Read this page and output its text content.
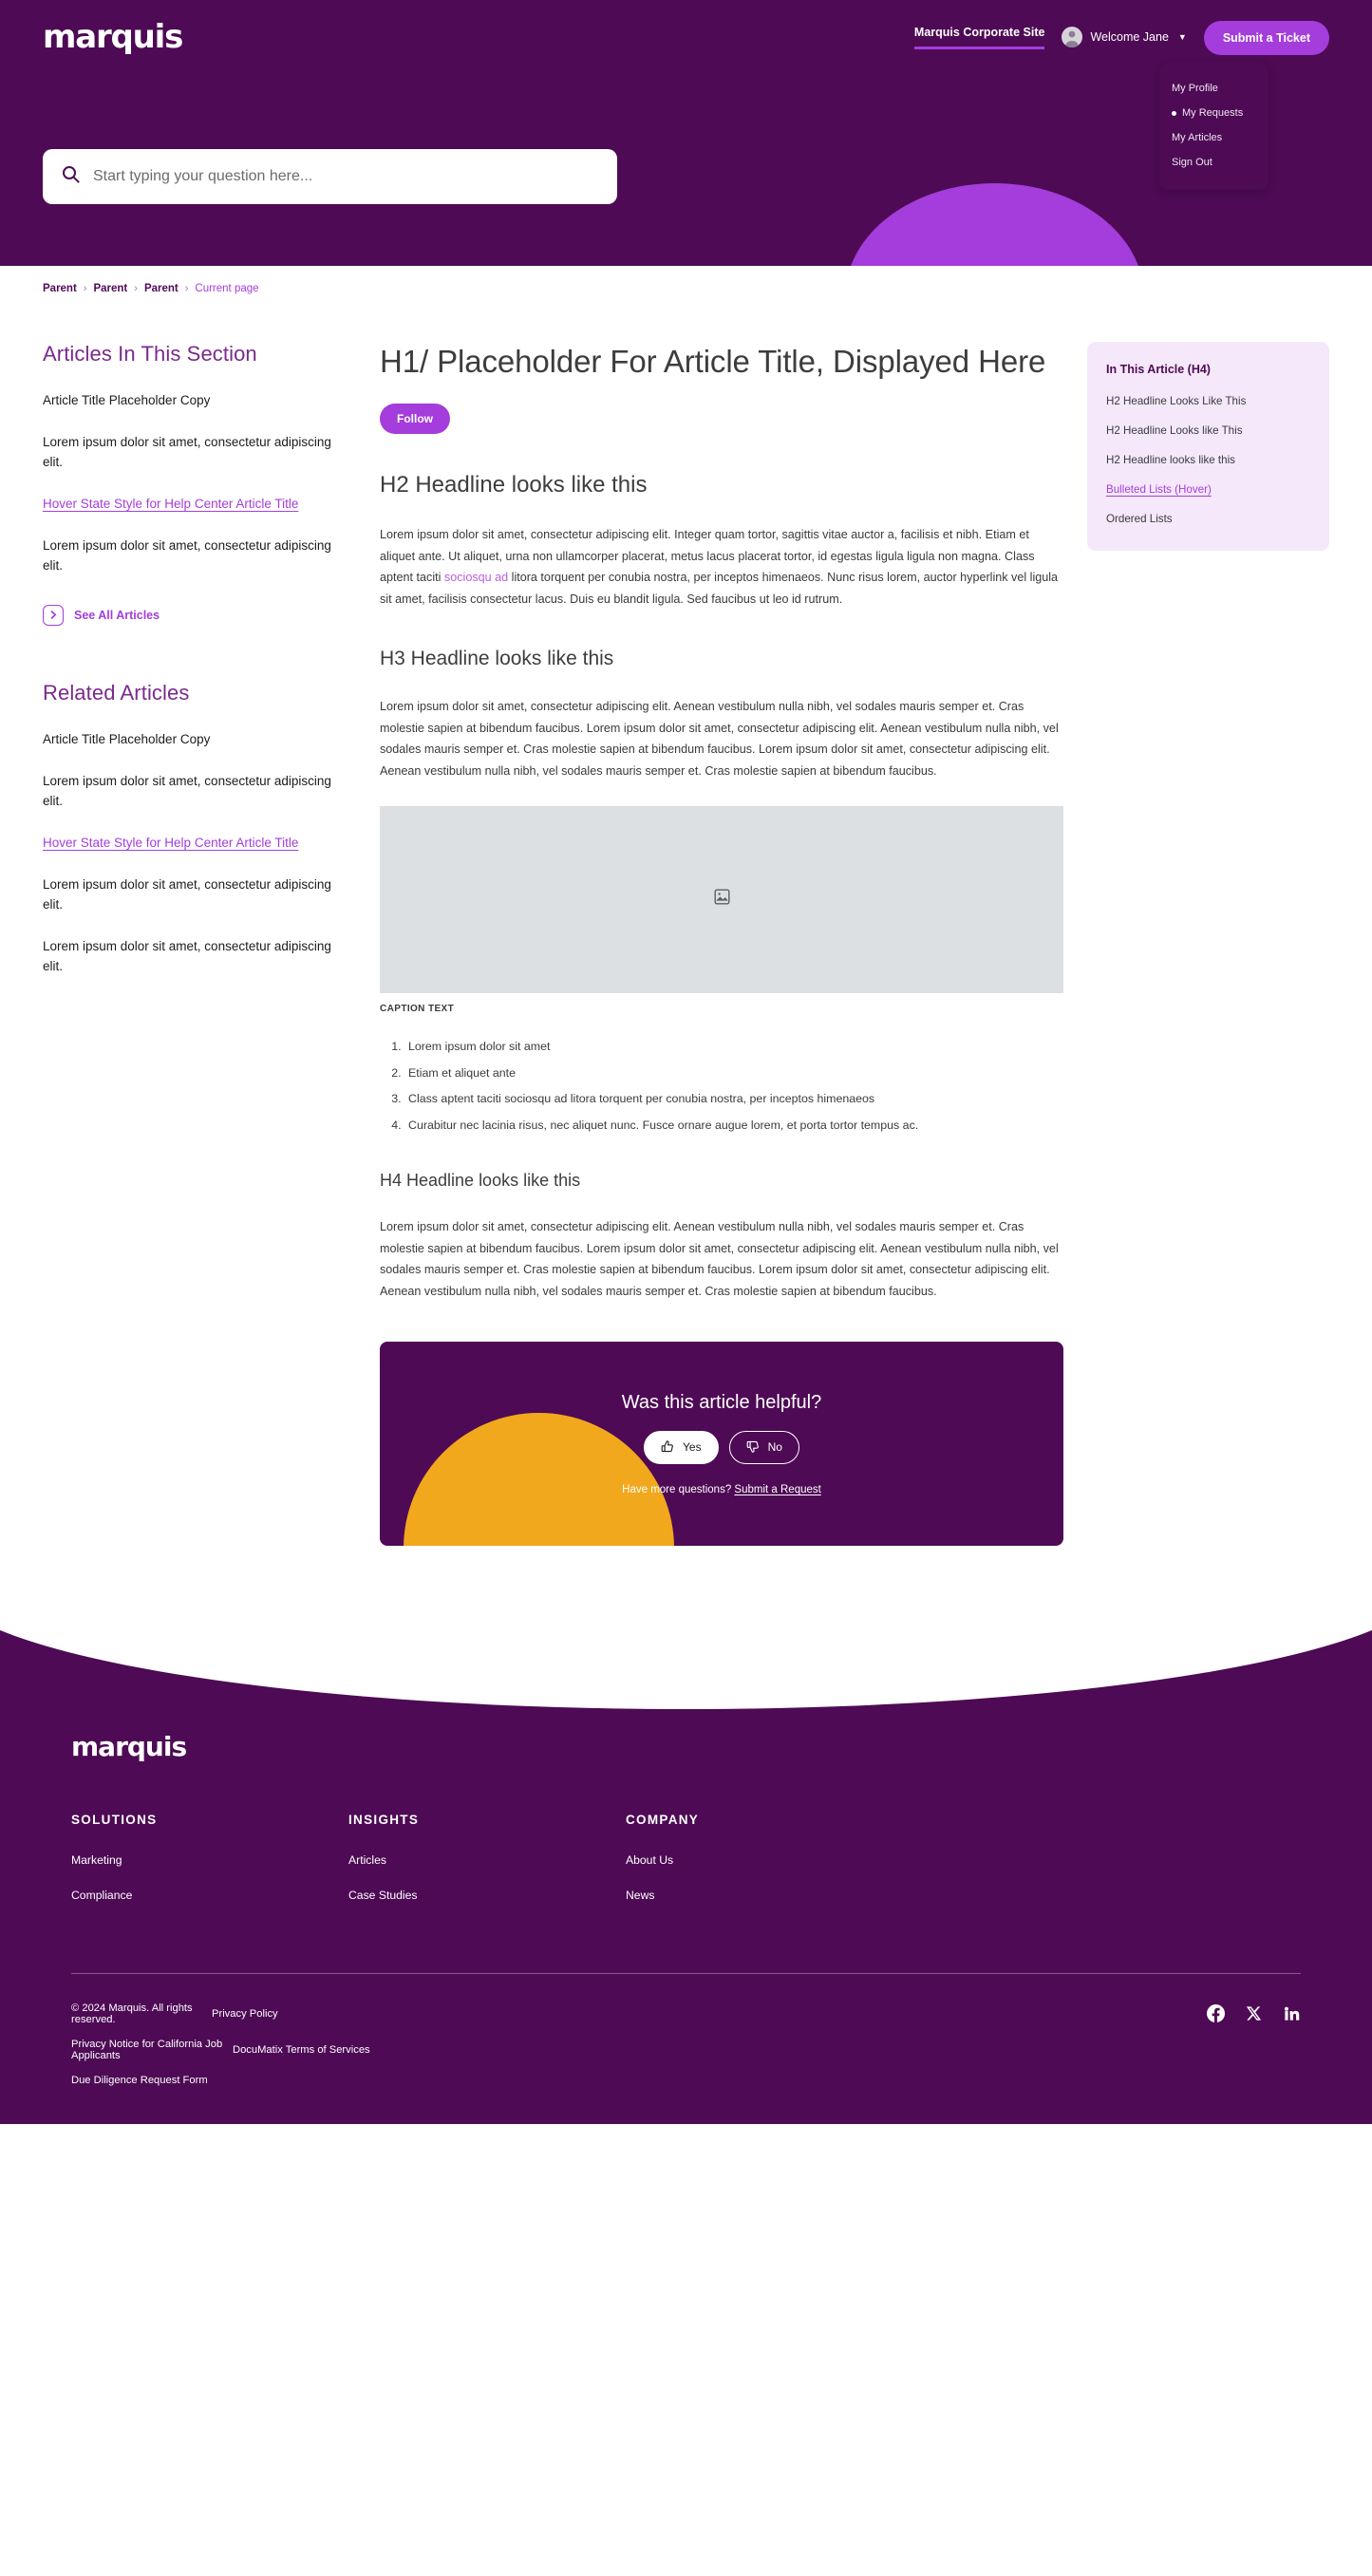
marquis	Marquis Corporate Site	Welcome Jane ▼	Submit a Ticket
My Profile
My Requests
My Articles
Sign Out
Start typing your question here...
Parent › Parent › Parent › Current page
Articles In This Section
Article Title Placeholder Copy
Lorem ipsum dolor sit amet, consectetur adipiscing elit.
Hover State Style for Help Center Article Title
Lorem ipsum dolor sit amet, consectetur adipiscing elit.
See All Articles
Related Articles
Article Title Placeholder Copy
Lorem ipsum dolor sit amet, consectetur adipiscing elit.
Hover State Style for Help Center Article Title
Lorem ipsum dolor sit amet, consectetur adipiscing elit.
Lorem ipsum dolor sit amet, consectetur adipiscing elit.
H1/ Placeholder For Article Title, Displayed Here
Follow
H2 Headline looks like this

Lorem ipsum dolor sit amet, consectetur adipiscing elit. Integer quam tortor, sagittis vitae auctor a, facilisis et nibh. Etiam et aliquet ante. Ut aliquet, urna non ullamcorper placerat, metus lacus placerat tortor, id egestas ligula ligula non magna. Class aptent taciti sociosqu ad litora torquent per conubia nostra, per inceptos himenaeos. Nunc risus lorem, auctor hyperlink vel ligula sit amet, facilisis consectetur lacus. Duis eu blandit ligula. Sed faucibus ut leo id rutrum.

H3 Headline looks like this

Lorem ipsum dolor sit amet, consectetur adipiscing elit. Aenean vestibulum nulla nibh, vel sodales mauris semper et. Cras molestie sapien at bibendum faucibus. Lorem ipsum dolor sit amet, consectetur adipiscing elit. Aenean vestibulum nulla nibh, vel sodales mauris semper et. Cras molestie sapien at bibendum faucibus. Lorem ipsum dolor sit amet, consectetur adipiscing elit. Aenean vestibulum nulla nibh, vel sodales mauris semper et. Cras molestie sapien at bibendum faucibus.

CAPTION TEXT
1. Lorem ipsum dolor sit amet
2. Etiam et aliquet ante
3. Class aptent taciti sociosqu ad litora torquent per conubia nostra, per inceptos himenaeos
4. Curabitur nec lacinia risus, nec aliquet nunc. Fusce ornare augue lorem, et porta tortor tempus ac.
H4 Headline looks like this

Lorem ipsum dolor sit amet, consectetur adipiscing elit. Aenean vestibulum nulla nibh, vel sodales mauris semper et. Cras molestie sapien at bibendum faucibus. Lorem ipsum dolor sit amet, consectetur adipiscing elit. Aenean vestibulum nulla nibh, vel sodales mauris semper et. Cras molestie sapien at bibendum faucibus. Lorem ipsum dolor sit amet, consectetur adipiscing elit. Aenean vestibulum nulla nibh, vel sodales mauris semper et. Cras molestie sapien at bibendum faucibus.

Was this article helpful?
Yes	No
Have more questions? Submit a Request
In This Article (H4)
H2 Headline Looks Like This
H2 Headline Looks like This
H2 Headline looks like this
Bulleted Lists (Hover)
Ordered Lists
marquis
SOLUTIONS
Marketing
Compliance
INSIGHTS
Articles
Case Studies
COMPANY
About Us
News
© 2024 Marquis. All rights reserved.	Privacy Policy
Privacy Notice for California Job Applicants	DocuMatix Terms of Services
Due Diligence Request Form
